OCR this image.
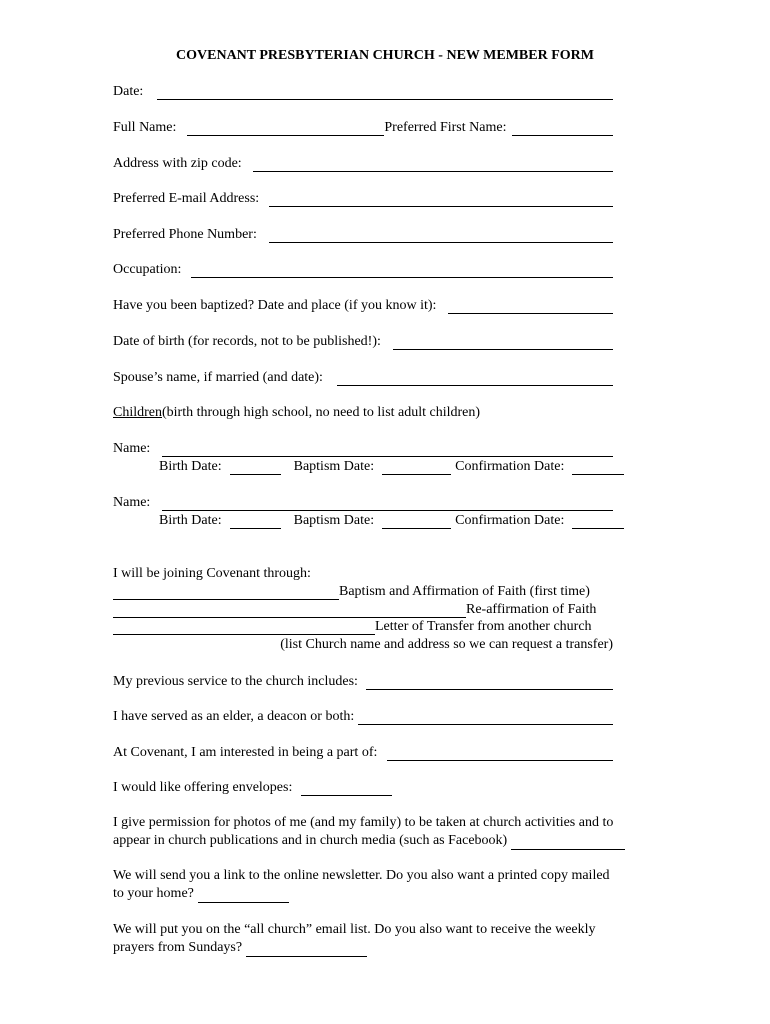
COVENANT PRESBYTERIAN CHURCH - NEW MEMBER FORM
Date:
Full Name:	Preferred First Name:
Address with zip code:
Preferred E-mail Address:
Preferred Phone Number:
Occupation:
Have you been baptized? Date and place (if you know it):
Date of birth (for records, not to be published!):
Spouse’s name, if married (and date):
Children (birth through high school, no need to list adult children)
Name:
Birth Date:	Baptism Date:	Confirmation Date:
Name:
Birth Date:	Baptism Date:	Confirmation Date:
I will be joining Covenant through:
Baptism and Affirmation of Faith (first time)
Re-affirmation of Faith
Letter of Transfer from another church
(list Church name and address so we can request a transfer)
My previous service to the church includes:
I have served as an elder, a deacon or both:
At Covenant, I am interested in being a part of:
I would like offering envelopes:
I give permission for photos of me (and my family) to be taken at church activities and to
appear in church publications and in church media (such as Facebook)
We will send you a link to the online newsletter. Do you also want a printed copy mailed
to your home?
We will put you on the “all church” email list. Do you also want to receive the weekly
prayers from Sundays?
